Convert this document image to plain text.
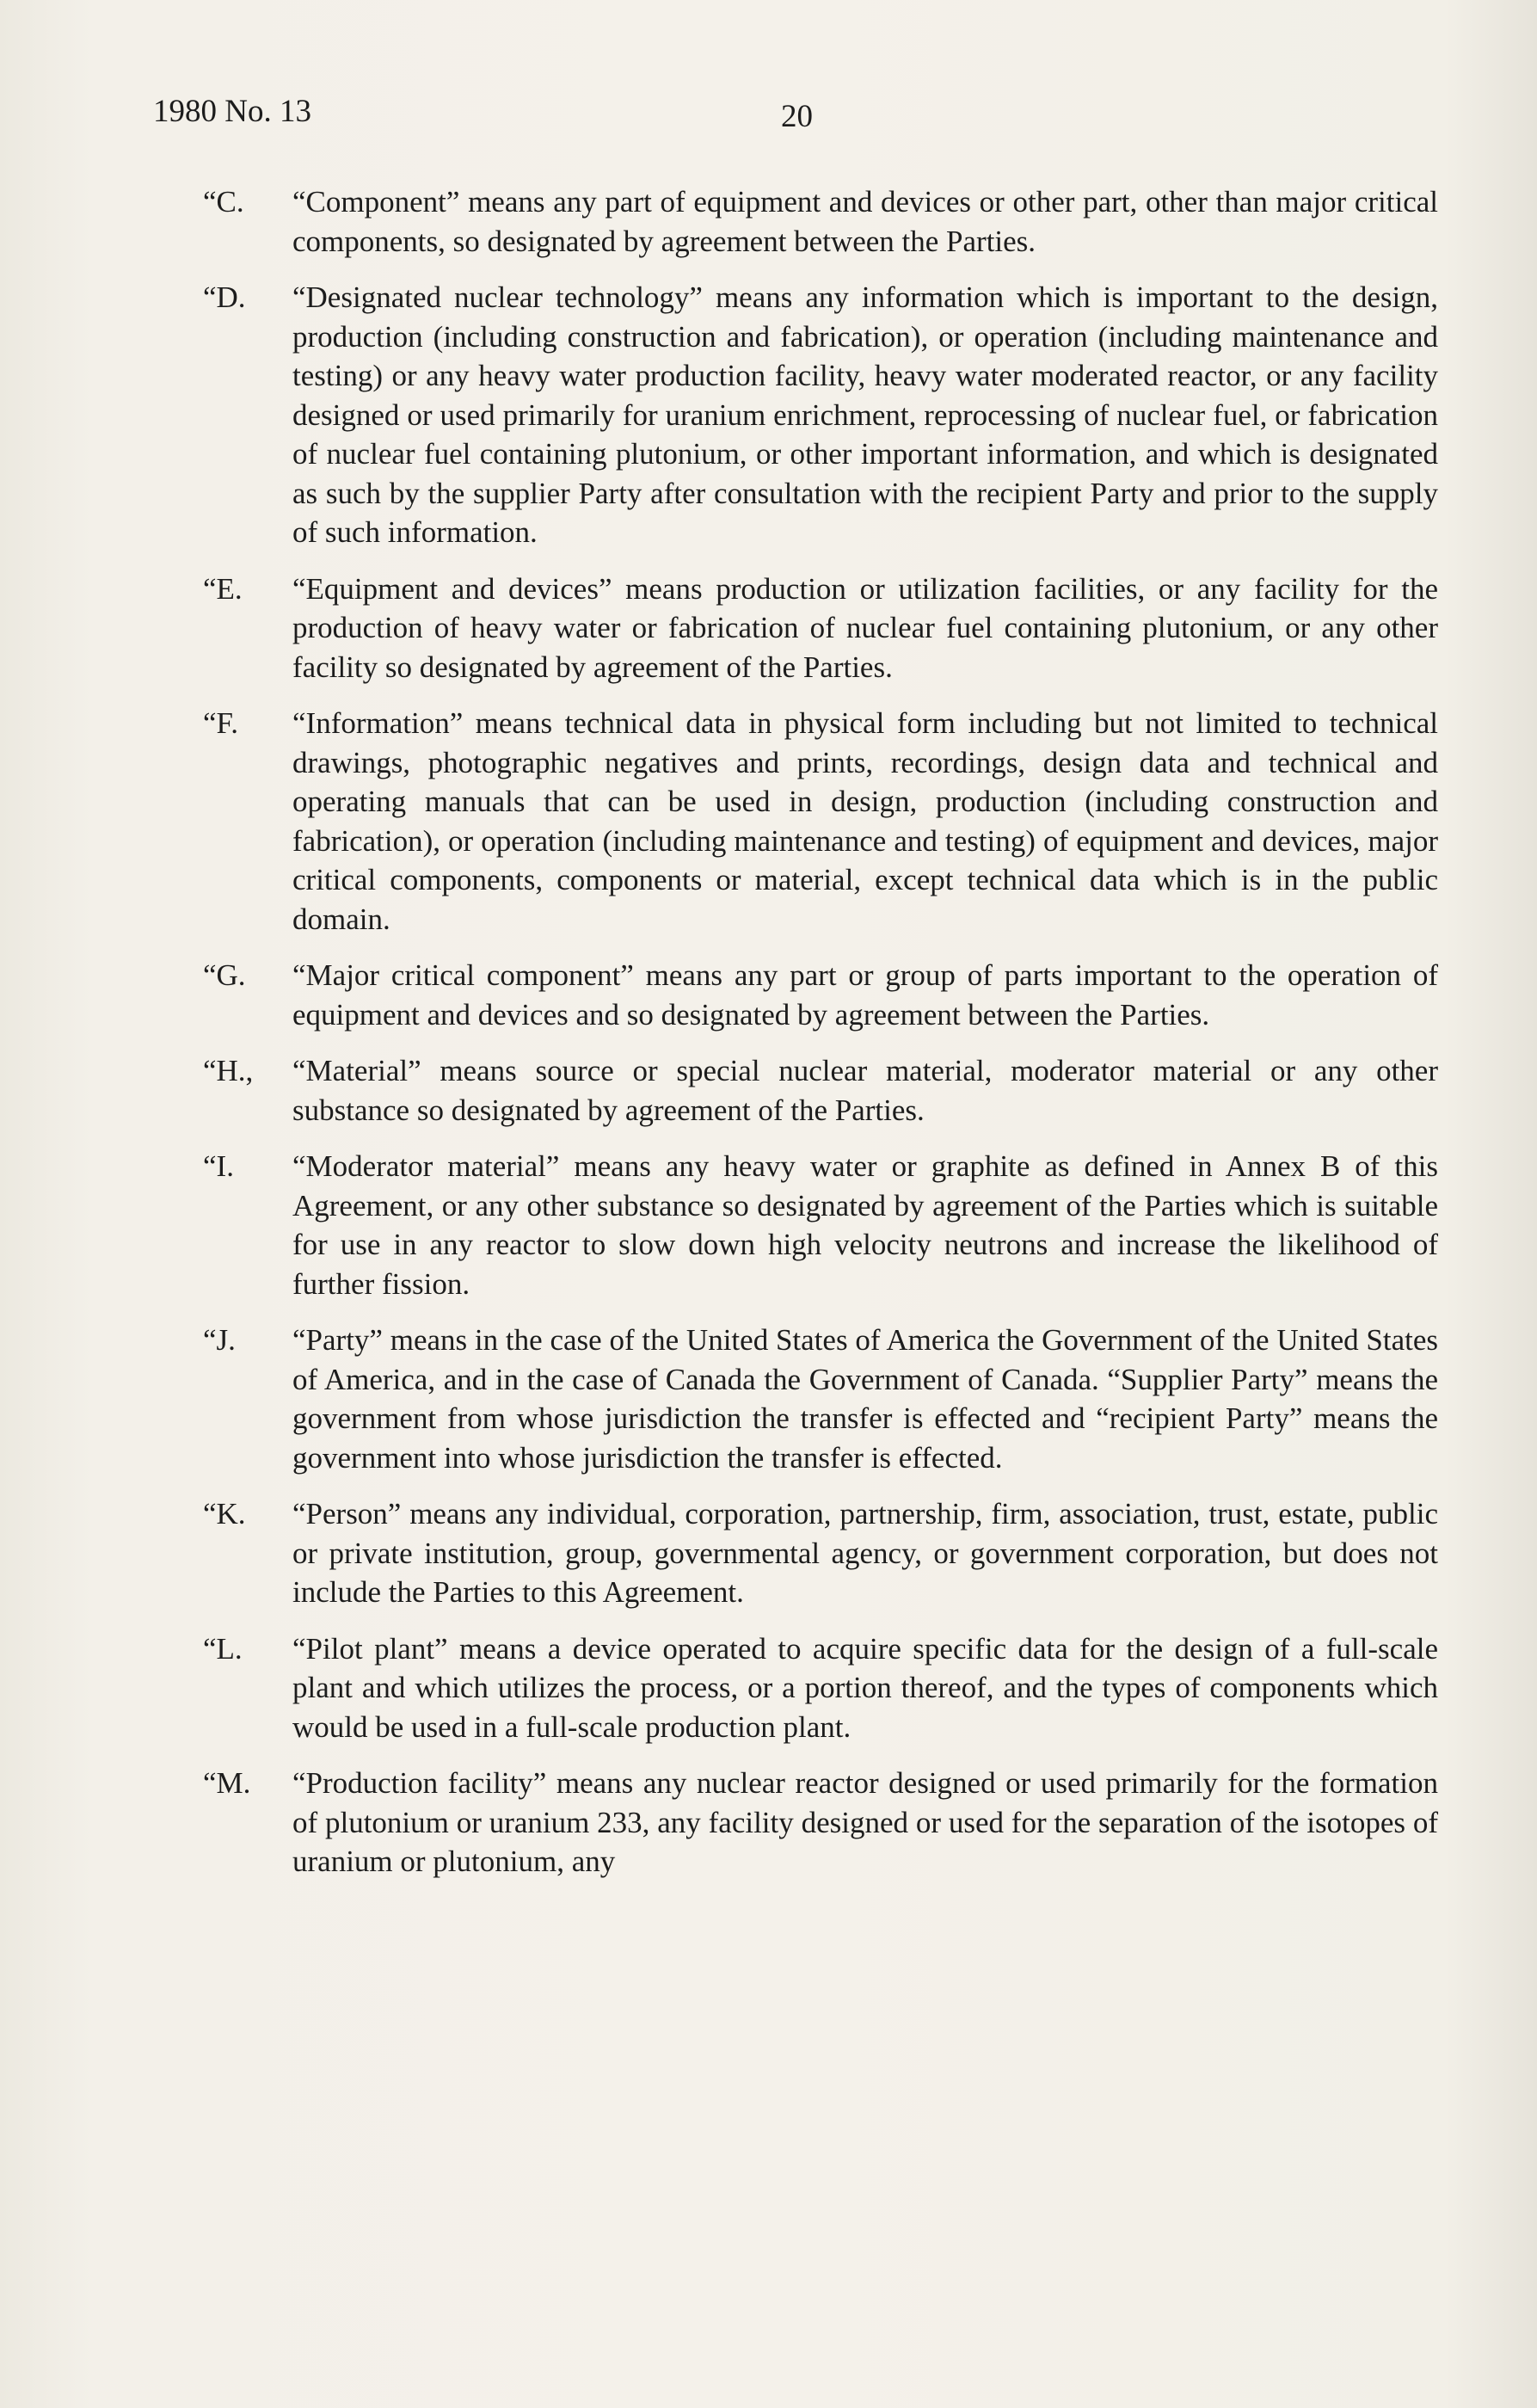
1980 No. 13	20
“C.	“Component” means any part of equipment and devices or other part, other than major critical components, so designated by agreement between the Parties.
“D.	“Designated nuclear technology” means any information which is important to the design, production (including construction and fabrication), or operation (including maintenance and testing) or any heavy water production facility, heavy water moderated reactor, or any facility designed or used primarily for uranium enrichment, reprocessing of nuclear fuel, or fabrication of nuclear fuel containing plutonium, or other important information, and which is designated as such by the supplier Party after consultation with the recipient Party and prior to the supply of such information.
“E.	“Equipment and devices” means production or utilization facilities, or any facility for the production of heavy water or fabrication of nuclear fuel containing plutonium, or any other facility so designated by agreement of the Parties.
“F.	“Information” means technical data in physical form including but not limited to technical drawings, photographic negatives and prints, recordings, design data and technical and operating manuals that can be used in design, production (including construction and fabrication), or operation (including maintenance and testing) of equipment and devices, major critical components, components or material, except technical data which is in the public domain.
“G.	“Major critical component” means any part or group of parts important to the operation of equipment and devices and so designated by agreement between the Parties.
“H.,	“Material” means source or special nuclear material, moderator material or any other substance so designated by agreement of the Parties.
“I.	“Moderator material” means any heavy water or graphite as defined in Annex B of this Agreement, or any other substance so designated by agreement of the Parties which is suitable for use in any reactor to slow down high velocity neutrons and increase the likelihood of further fission.
“J.	“Party” means in the case of the United States of America the Government of the United States of America, and in the case of Canada the Government of Canada. “Supplier Party” means the government from whose jurisdiction the transfer is effected and “recipient Party” means the government into whose jurisdiction the transfer is effected.
“K.	“Person” means any individual, corporation, partnership, firm, association, trust, estate, public or private institution, group, governmental agency, or government corporation, but does not include the Parties to this Agreement.
“L.	“Pilot plant” means a device operated to acquire specific data for the design of a full-scale plant and which utilizes the process, or a portion thereof, and the types of components which would be used in a full-scale production plant.
“M.	“Production facility” means any nuclear reactor designed or used primarily for the formation of plutonium or uranium 233, any facility designed or used for the separation of the isotopes of uranium or plutonium, any
